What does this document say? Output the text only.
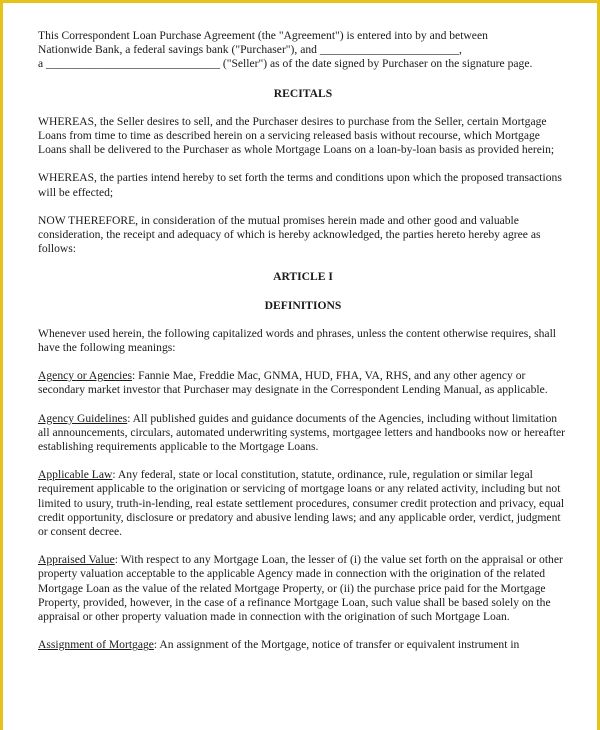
This Correspondent Loan Purchase Agreement (the "Agreement") is entered into by and between
Nationwide Bank, a federal savings bank ("Purchaser"), and ________________________,
a ______________________________ ("Seller") as of the date signed by Purchaser on the signature page.

RECITALS

WHEREAS, the Seller desires to sell, and the Purchaser desires to purchase from the Seller, certain Mortgage Loans from time to time as described herein on a servicing released basis without recourse, which Mortgage Loans shall be delivered to the Purchaser as whole Mortgage Loans on a loan-by-loan basis as provided herein;

WHEREAS, the parties intend hereby to set forth the terms and conditions upon which the proposed transactions will be effected;

NOW THEREFORE, in consideration of the mutual promises herein made and other good and valuable consideration, the receipt and adequacy of which is hereby acknowledged, the parties hereto hereby agree as follows:

ARTICLE I
DEFINITIONS

Whenever used herein, the following capitalized words and phrases, unless the content otherwise requires, shall have the following meanings:

Agency or Agencies: Fannie Mae, Freddie Mac, GNMA, HUD, FHA, VA, RHS, and any other agency or secondary market investor that Purchaser may designate in the Correspondent Lending Manual, as applicable.

Agency Guidelines: All published guides and guidance documents of the Agencies, including without limitation all announcements, circulars, automated underwriting systems, mortgagee letters and handbooks now or hereafter establishing requirements applicable to the Mortgage Loans.

Applicable Law: Any federal, state or local constitution, statute, ordinance, rule, regulation or similar legal requirement applicable to the origination or servicing of mortgage loans or any related activity, including but not limited to usury, truth-in-lending, real estate settlement procedures, consumer credit protection and privacy, equal credit opportunity, disclosure or predatory and abusive lending laws; and any applicable order, verdict, judgment or consent decree.

Appraised Value: With respect to any Mortgage Loan, the lesser of (i) the value set forth on the appraisal or other property valuation acceptable to the applicable Agency made in connection with the origination of the related Mortgage Loan as the value of the related Mortgage Property, or (ii) the purchase price paid for the Mortgage Property, provided, however, in the case of a refinance Mortgage Loan, such value shall be based solely on the appraisal or other property valuation made in connection with the origination of such Mortgage Loan.

Assignment of Mortgage: An assignment of the Mortgage, notice of transfer or equivalent instrument in
